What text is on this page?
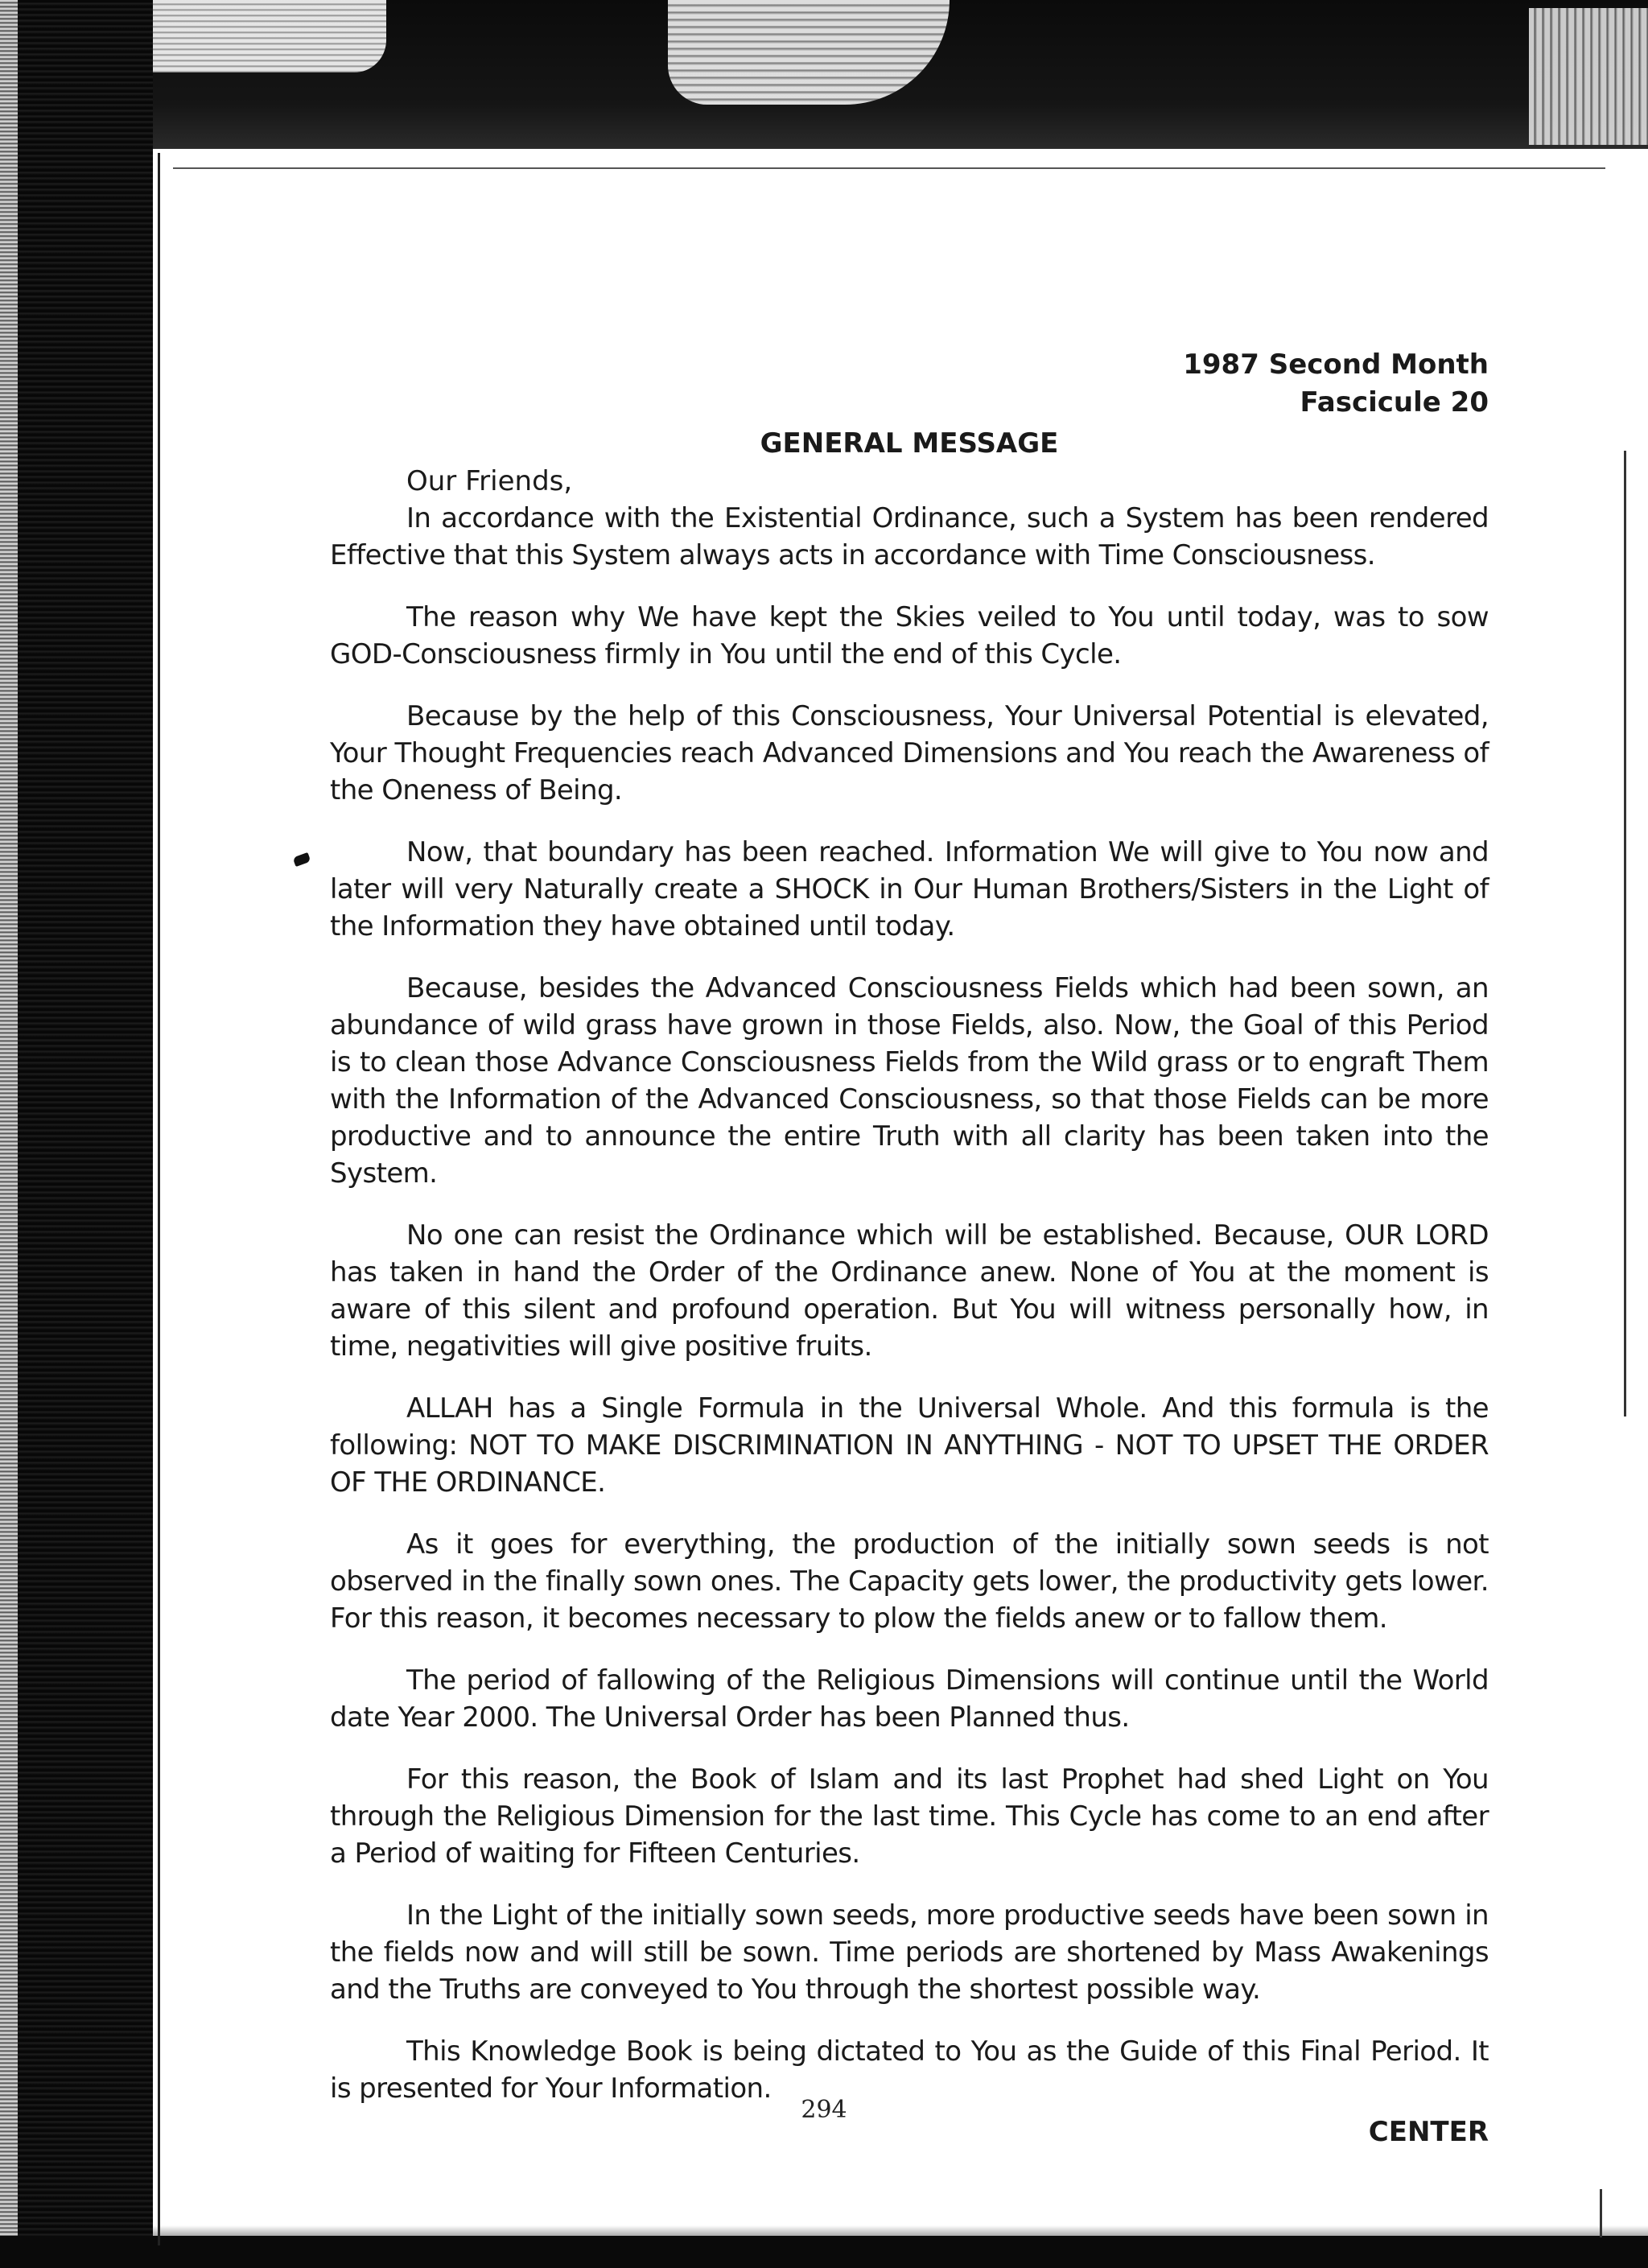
1987 Second Month

Fascicule 20

GENERAL MESSAGE

Our Friends,

In accordance with the Existential Ordinance, such a System has been rendered Effective that this System always acts in accordance with Time Consciousness.

The reason why We have kept the Skies veiled to You until today, was to sow GOD-Consciousness firmly in You until the end of this Cycle.

Because by the help of this Consciousness, Your Universal Potential is elevated, Your Thought Frequencies reach Advanced Dimensions and You reach the Awareness of the Oneness of Being.

Now, that boundary has been reached. Information We will give to You now and later will very Naturally create a SHOCK in Our Human Brothers/Sisters in the Light of the Information they have obtained until today.

Because, besides the Advanced Consciousness Fields which had been sown, an abundance of wild grass have grown in those Fields, also. Now, the Goal of this Period is to clean those Advance Consciousness Fields from the Wild grass or to engraft Them with the Information of the Advanced Consciousness, so that those Fields can be more productive and to announce the entire Truth with all clarity has been taken into the System.

No one can resist the Ordinance which will be established. Because, OUR LORD has taken in hand the Order of the Ordinance anew. None of You at the moment is aware of this silent and profound operation. But You will witness personally how, in time, negativities will give positive fruits.

ALLAH has a Single Formula in the Universal Whole. And this formula is the following: NOT TO MAKE DISCRIMINATION IN ANYTHING - NOT TO UPSET THE ORDER OF THE ORDINANCE.

As it goes for everything, the production of the initially sown seeds is not observed in the finally sown ones. The Capacity gets lower, the productivity gets lower. For this reason, it becomes necessary to plow the fields anew or to fallow them.

The period of fallowing of the Religious Dimensions will continue until the World date Year 2000. The Universal Order has been Planned thus.

For this reason, the Book of Islam and its last Prophet had shed Light on You through the Religious Dimension for the last time. This Cycle has come to an end after a Period of waiting for Fifteen Centuries.

In the Light of the initially sown seeds, more productive seeds have been sown in the fields now and will still be sown. Time periods are shortened by Mass Awakenings and the Truths are conveyed to You through the shortest possible way.

This Knowledge Book is being dictated to You as the Guide of this Final Period. It is presented for Your Information.

CENTER

294
